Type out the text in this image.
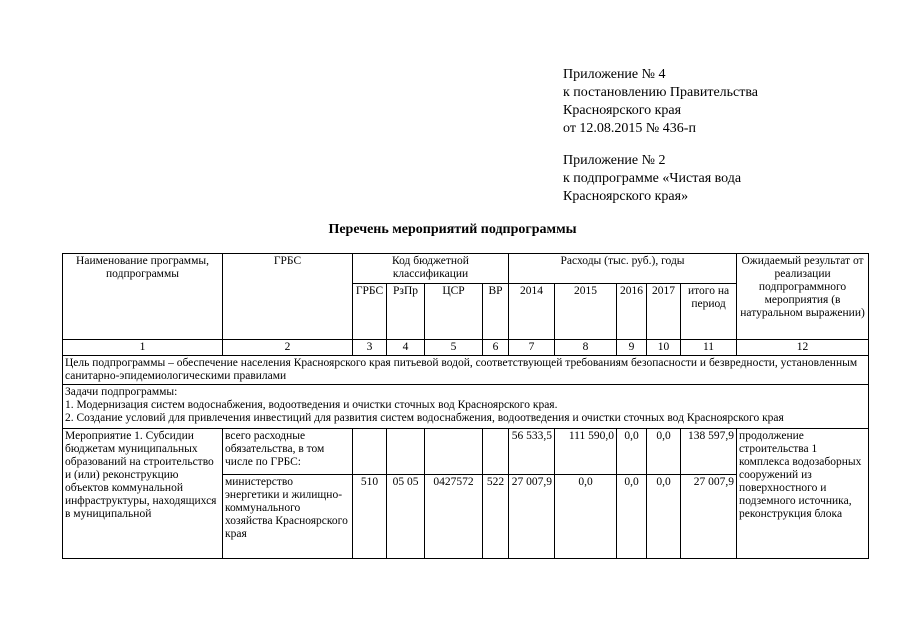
Приложение № 4
к постановлению Правительства
Красноярского края
от 12.08.2015 № 436-п
Приложение № 2
к подпрограмме «Чистая вода
Красноярского края»
Перечень мероприятий подпрограммы
Наименование программы, подпрограммы	ГРБС	Код бюджетной классификации				Расходы (тыс. руб.), годы					Ожидаемый результат от реализации подпрограммного мероприятия (в натуральном выражении)
		ГРБС	РзПр	ЦСР	ВР	2014	2015	2016	2017	итого на период	
1	2	3	4	5	6	7	8	9	10	11	12
Цель подпрограммы – обеспечение населения Красноярского края питьевой водой, соответствующей требованиям безопасности и безвредности, установленным санитарно-эпидемиологическими правилами											

Задачи подпрограммы:
1. Модернизация систем водоснабжения, водоотведения и очистки сточных вод Красноярского края.
2. Создание условий для привлечения инвестиций для развития систем водоснабжения, водоотведения и очистки сточных вод Красноярского края											

Мероприятие 1. Субсидии бюджетам муниципальных образований на строительство и (или) реконструкцию объектов коммунальной инфраструктуры, находящихся в муниципальной	всего расходные обязательства, в том числе по ГРБС:					56 533,5	111 590,0	0,0	0,0	138 597,9	продолжение строительства 1 комплекса водозаборных сооружений из поверхностного и подземного источника, реконструкция блока
	министерство энергетики и жилищно-коммунального хозяйства Красноярского края	510	05 05	0427572	522	27 007,9	0,0	0,0	0,0	27 007,9	
